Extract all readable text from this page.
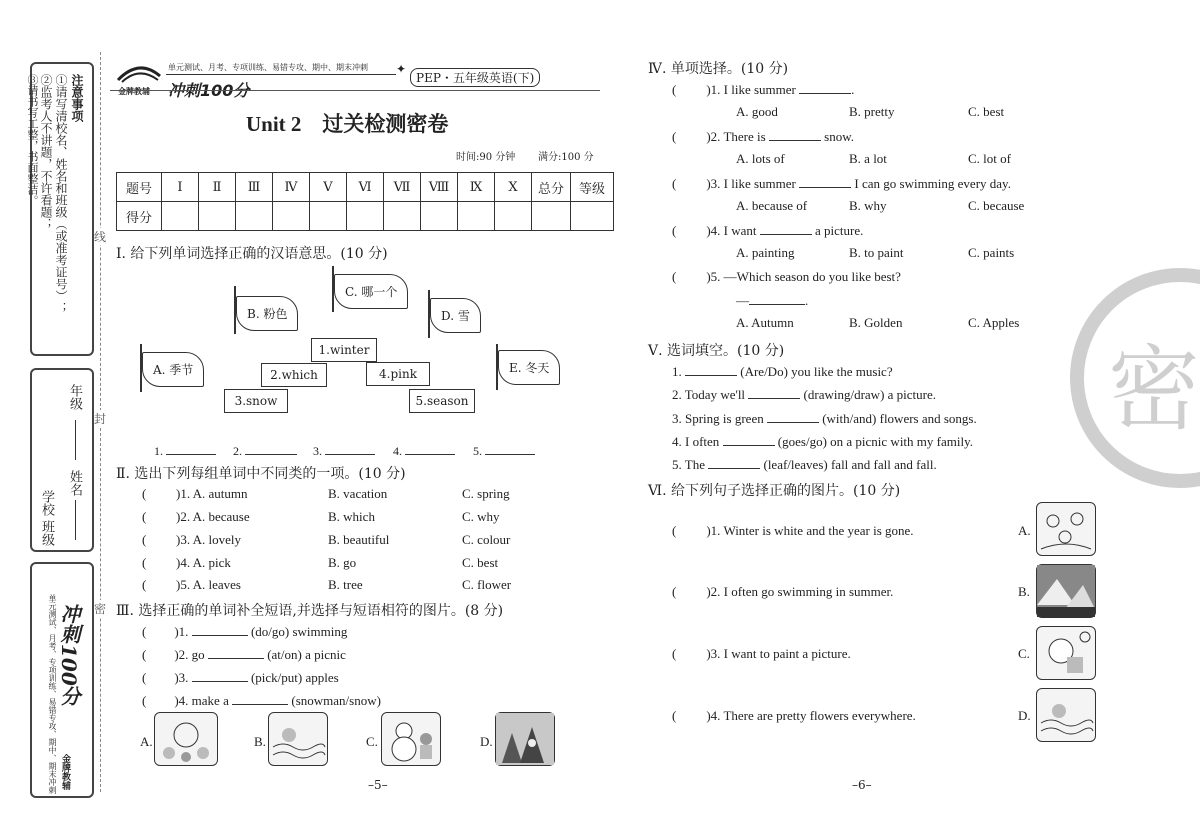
注意事项
①请写清校名、姓名和班级（或准考证号）；
②监考人不讲题，不许看题；
③请书写工整，书面整洁。
年级
姓名
学校
班级
冲刺100分
单元测试、月考、专项训练、易错专攻、期中、期末冲刺 金牌教辅
线
封
密
金牌教辅 冲刺100分
单元测试、月考、专项训练、易错专攻、期中、期末冲刺 ✦
PEP・五年级英语(下)
Unit 2    过关检测密卷
时间:90 分钟 满分:100 分
题号	Ⅰ	Ⅱ	Ⅲ	Ⅳ	Ⅴ	Ⅵ	Ⅶ	Ⅷ	Ⅸ	Ⅹ	总分	等级
得分												
Ⅰ. 给下列单词选择正确的汉语意思。(10 分)
A. 季节
B. 粉色
C. 哪一个
D. 雪
E. 冬天
1.winter
2.which
3.snow
4.pink
5.season
1.	2.	3.	4.	5.
Ⅱ. 选出下列每组单词中不同类的一项。(10 分)
( )1. A. autumn	B. vacation	C. spring
( )2. A. because	B. which	C. why
( )3. A. lovely	B. beautiful	C. colour
( )4. A. pick	B. go	C. best
( )5. A. leaves	B. tree	C. flower
Ⅲ. 选择正确的单词补全短语,并选择与短语相符的图片。(8 分)
( )1.	(do/go) swimming
( )2. go	(at/on) a picnic
( )3.	(pick/put) apples
( )4. make a	(snowman/snow)
A.	B.	C.	D.
–5–
密
Ⅳ. 单项选择。(10 分)
( )1. I like summer	.
A. good	B. pretty	C. best
( )2. There is	snow.
A. lots of	B. a lot	C. lot of
( )3. I like summer	I can go swimming every day.
A. because of	B. why	C. because
( )4. I want	a picture.
A. painting	B. to paint	C. paints
( )5. —Which season do you like best?
—	.
A. Autumn	B. Golden	C. Apples
Ⅴ. 选词填空。(10 分)
1.	(Are/Do) you like the music?
2. Today we'll	(drawing/draw) a picture.
3. Spring is green	(with/and) flowers and songs.
4. I often	(goes/go) on a picnic with my family.
5. The	(leaf/leaves) fall and fall and fall.
Ⅵ. 给下列句子选择正确的图片。(10 分)
( )1. Winter is white and the year is gone.
( )2. I often go swimming in summer.
( )3. I want to paint a picture.
( )4. There are pretty flowers everywhere.
A.
B.
C.
D.
–6–
